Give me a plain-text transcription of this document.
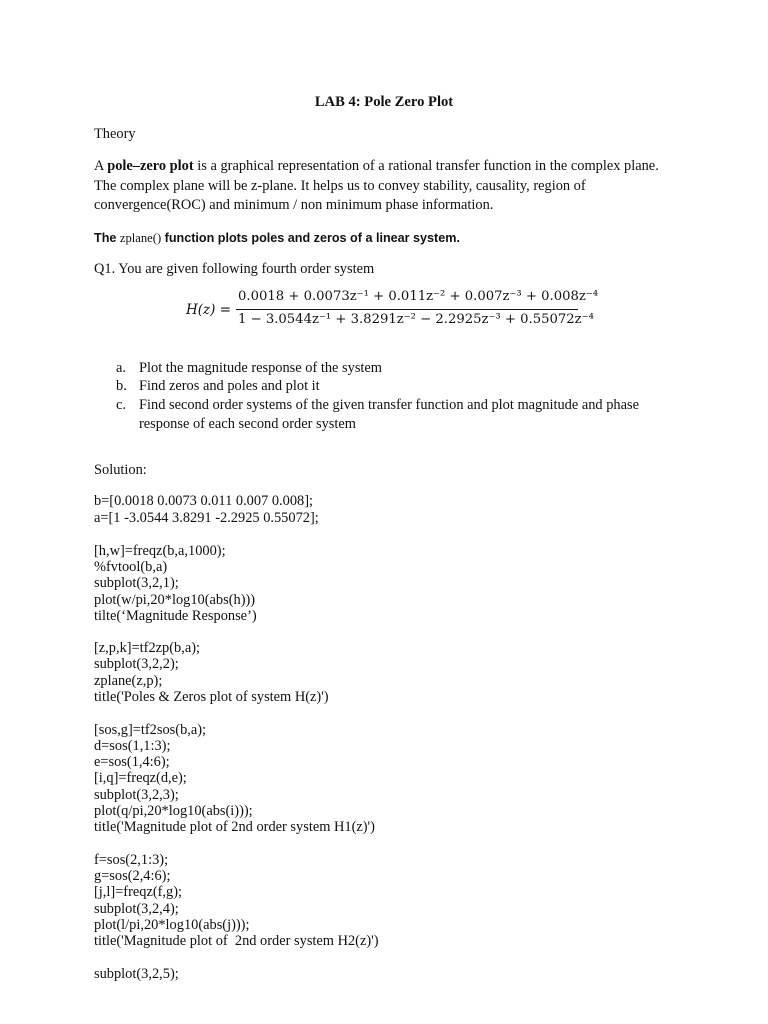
LAB 4: Pole Zero Plot
Theory
A pole–zero plot is a graphical representation of a rational transfer function in the complex plane.
The complex plane will be z-plane. It helps us to convey stability, causality, region of
convergence(ROC) and minimum / non minimum phase information.
The zplane() function plots poles and zeros of a linear system.
Q1. You are given following fourth order system
H(z) =
0.0018 + 0.0073z⁻¹ + 0.011z⁻² + 0.007z⁻³ + 0.008z⁻⁴
1 − 3.0544z⁻¹ + 3.8291z⁻² − 2.2925z⁻³ + 0.55072z⁻⁴

a. Plot the magnitude response of the system

b. Find zeros and poles and plot it

c. Find second order systems of the given transfer function and plot magnitude and phase

response of each second order system

Solution:
b=[0.0018 0.0073 0.011 0.007 0.008];
a=[1 -3.0544 3.8291 -2.2925 0.55072];
[h,w]=freqz(b,a,1000);
%fvtool(b,a)
subplot(3,2,1);
plot(w/pi,20*log10(abs(h)))
tilte(‘Magnitude Response’)
[z,p,k]=tf2zp(b,a);
subplot(3,2,2);
zplane(z,p);
title('Poles & Zeros plot of system H(z)')
[sos,g]=tf2sos(b,a);
d=sos(1,1:3);
e=sos(1,4:6);
[i,q]=freqz(d,e);
subplot(3,2,3);
plot(q/pi,20*log10(abs(i)));
title('Magnitude plot of 2nd order system H1(z)')
f=sos(2,1:3);
g=sos(2,4:6);
[j,l]=freqz(f,g);
subplot(3,2,4);
plot(l/pi,20*log10(abs(j)));
title('Magnitude plot of  2nd order system H2(z)')
subplot(3,2,5);
